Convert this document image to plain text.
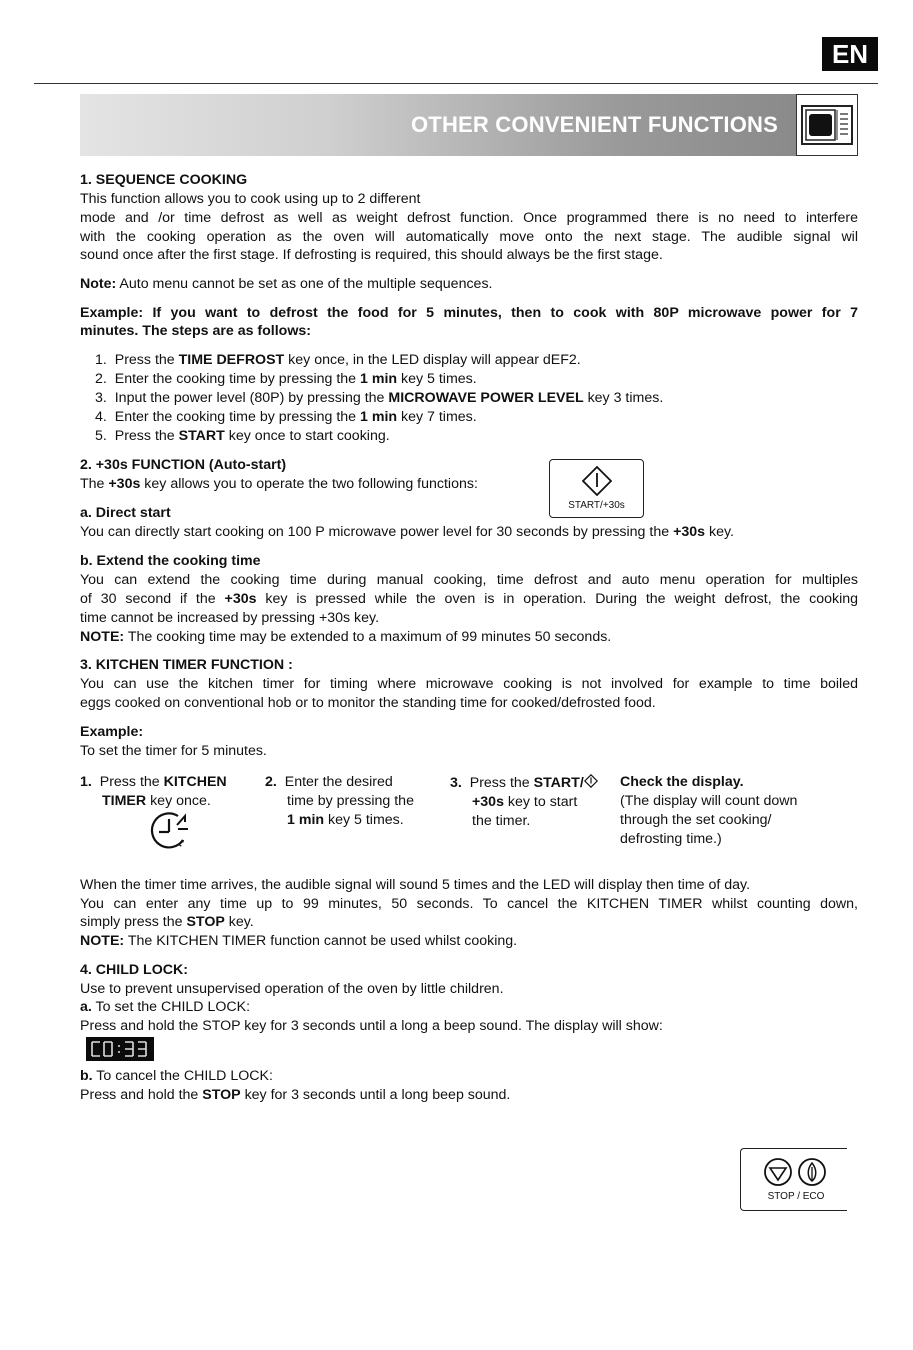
EN
OTHER CONVENIENT FUNCTIONS
1. SEQUENCE COOKING
This function allows you to cook using up to 2 different
mode and /or time defrost as well as weight defrost function. Once programmed there is no need to interfere
with the cooking operation as the oven will automatically move onto the next stage. The audible signal wil
sound once after the first stage. If defrosting is required, this should always be the first stage.
Note: Auto menu cannot be set as one of the multiple sequences.
Example: If you want to defrost the food for 5 minutes, then to cook with 80P microwave power for 7
minutes. The steps are as follows:
1. Press the TIME DEFROST key once, in the LED display will appear dEF2.
2. Enter the cooking time by pressing the 1 min key 5 times.
3. Input the power level (80P) by pressing the MICROWAVE POWER LEVEL key 3 times.
4. Enter the cooking time by pressing the 1 min key 7 times.
5. Press the START key once to start cooking.
2. +30s FUNCTION (Auto-start)
The +30s key allows you to operate the two following functions:
START/+30s
a. Direct start
You can directly start cooking on 100 P microwave power level for 30 seconds by pressing the +30s key.
b. Extend the cooking time
You can extend the cooking time during manual cooking, time defrost and auto menu operation for multiples
of 30 second if the +30s key is pressed while the oven is in operation. During the weight defrost, the cooking
time cannot be increased by pressing +30s key.
NOTE: The cooking time may be extended to a maximum of 99 minutes 50 seconds.
3. KITCHEN TIMER FUNCTION :
You can use the kitchen timer for timing where microwave cooking is not involved for example to time boiled
eggs cooked on conventional hob or to monitor the standing time for cooked/defrosted food.
Example:
To set the timer for 5 minutes.
1. Press the KITCHEN
TIMER key once.
2. Enter the desired
time by pressing the
1 min key 5 times.
3. Press the START/
+30s key to start
the timer.
Check the display.
(The display will count down
through the set cooking/
defrosting time.)
When the timer time arrives, the audible signal will sound 5 times and the LED will display then time of day.
You can enter any time up to 99 minutes, 50 seconds. To cancel the KITCHEN TIMER whilst counting down,
simply press the STOP key.
NOTE: The KITCHEN TIMER function cannot be used whilst cooking.
4. CHILD LOCK:
Use to prevent unsupervised operation of the oven by little children.
a. To set the CHILD LOCK:
Press and hold the STOP key for 3 seconds until a long a beep sound. The display will show:
b. To cancel the CHILD LOCK:
Press and hold the STOP key for 3 seconds until a long beep sound.
STOP / ECO
